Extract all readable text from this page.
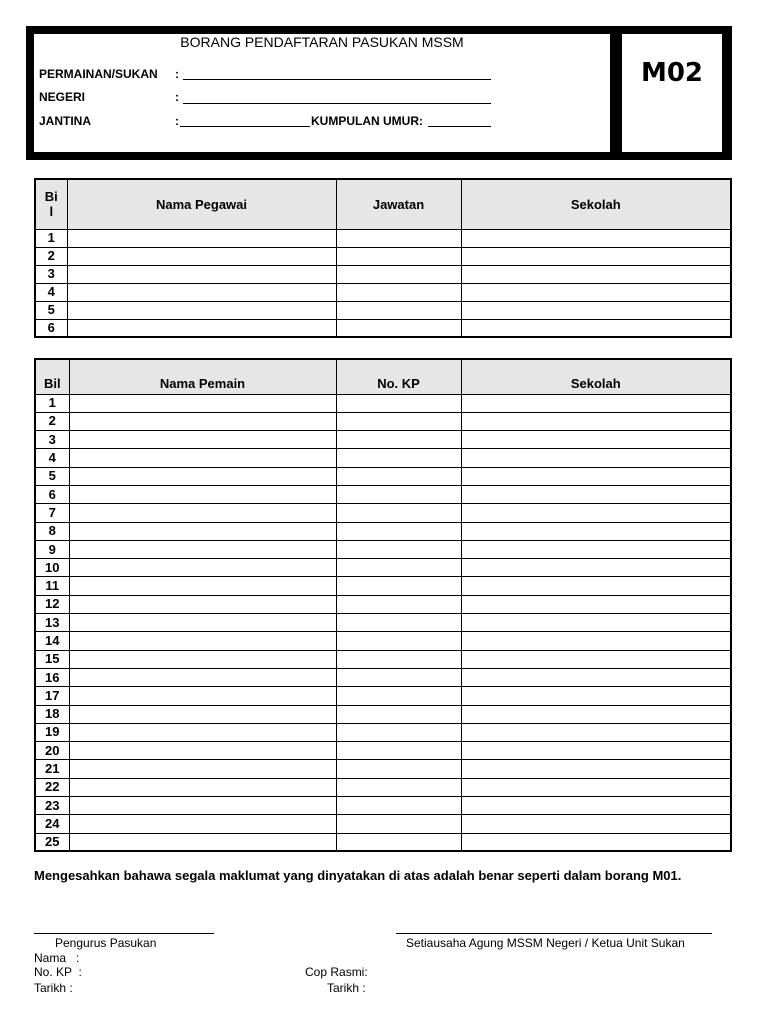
BORANG PENDAFTARAN PASUKAN MSSM
M02
PERMAINAN/SUKAN :
NEGERI	:
JANTINA	:	KUMPULAN UMUR:
Bi
l	Nama Pegawai	Jawatan	Sekolah
1			
2			
3			
4			
5			
6			
Bil	Nama Pemain	No. KP	Sekolah
1			
2			
3			
4			
5			
6			
7			
8			
9			
10			
11			
12			
13			
14			
15			
16			
17			
18			
19			
20			
21			
22			
23			
24			
25			
Mengesahkan bahawa segala maklumat yang dinyatakan di atas adalah benar seperti dalam borang M01.
Pengurus Pasukan
Nama   :
No. KP  :
Tarikh :
Setiausaha Agung MSSM Negeri / Ketua Unit Sukan
Cop Rasmi:
Tarikh :
